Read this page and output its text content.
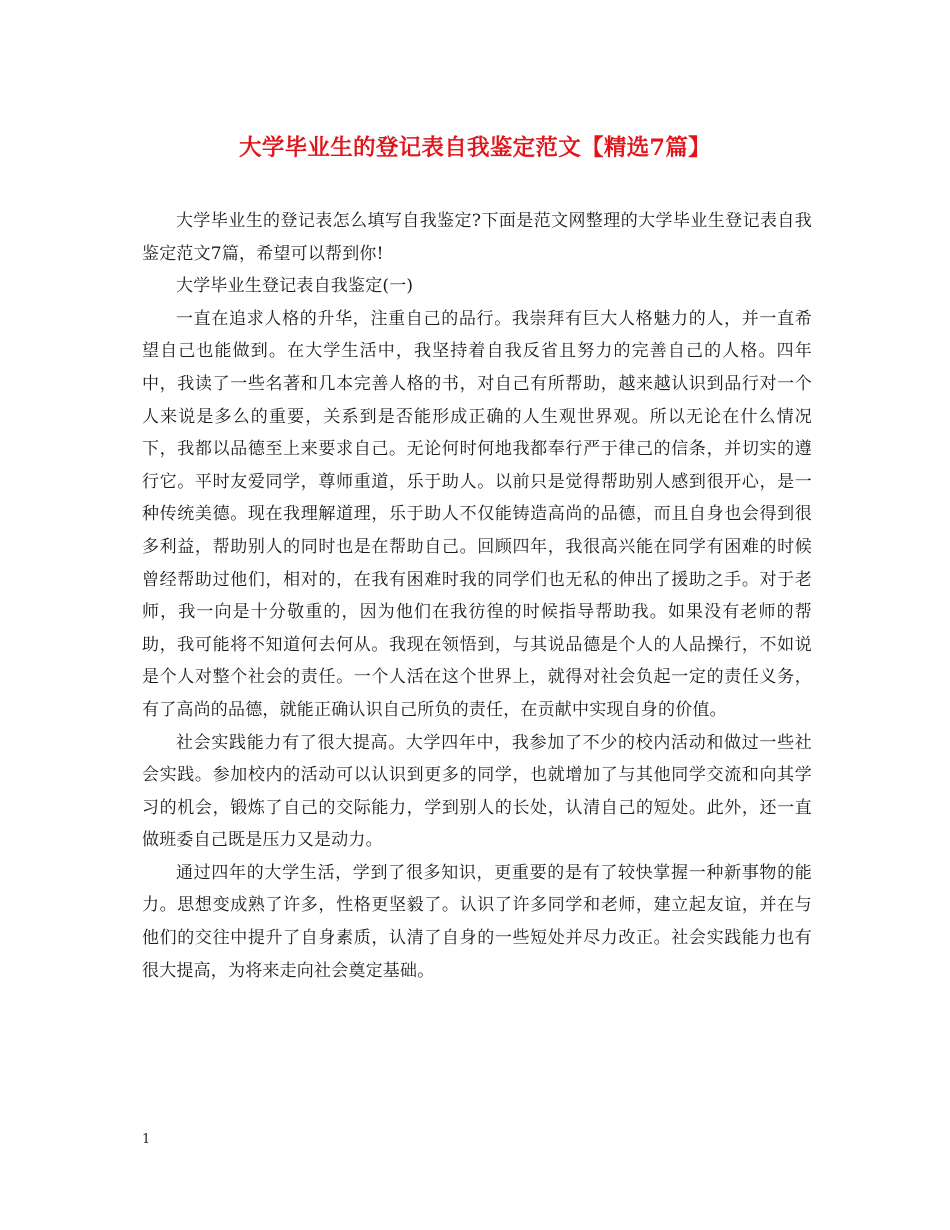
大学毕业生的登记表自我鉴定范文【精选7篇】

大学毕业生的登记表怎么填写自我鉴定?下面是范文网整理的大学毕业生登记表自我鉴定范文7篇，希望可以帮到你!

大学毕业生登记表自我鉴定(一)

一直在追求人格的升华，注重自己的品行。我崇拜有巨大人格魅力的人，并一直希望自己也能做到。在大学生活中，我坚持着自我反省且努力的完善自己的人格。四年中，我读了一些名著和几本完善人格的书，对自己有所帮助，越来越认识到品行对一个人来说是多么的重要，关系到是否能形成正确的人生观世界观。所以无论在什么情况下，我都以品德至上来要求自己。无论何时何地我都奉行严于律己的信条，并切实的遵行它。平时友爱同学，尊师重道，乐于助人。以前只是觉得帮助别人感到很开心，是一种传统美德。现在我理解道理，乐于助人不仅能铸造高尚的品德，而且自身也会得到很多利益，帮助别人的同时也是在帮助自己。回顾四年，我很高兴能在同学有困难的时候曾经帮助过他们，相对的，在我有困难时我的同学们也无私的伸出了援助之手。对于老师，我一向是十分敬重的，因为他们在我彷徨的时候指导帮助我。如果没有老师的帮助，我可能将不知道何去何从。我现在领悟到，与其说品德是个人的人品操行，不如说是个人对整个社会的责任。一个人活在这个世界上，就得对社会负起一定的责任义务，有了高尚的品德，就能正确认识自己所负的责任，在贡献中实现自身的价值。

社会实践能力有了很大提高。大学四年中，我参加了不少的校内活动和做过一些社会实践。参加校内的活动可以认识到更多的同学，也就增加了与其他同学交流和向其学习的机会，锻炼了自己的交际能力，学到别人的长处，认清自己的短处。此外，还一直做班委自己既是压力又是动力。

通过四年的大学生活，学到了很多知识，更重要的是有了较快掌握一种新事物的能力。思想变成熟了许多，性格更坚毅了。认识了许多同学和老师，建立起友谊，并在与他们的交往中提升了自身素质，认清了自身的一些短处并尽力改正。社会实践能力也有很大提高，为将来走向社会奠定基础。

1
